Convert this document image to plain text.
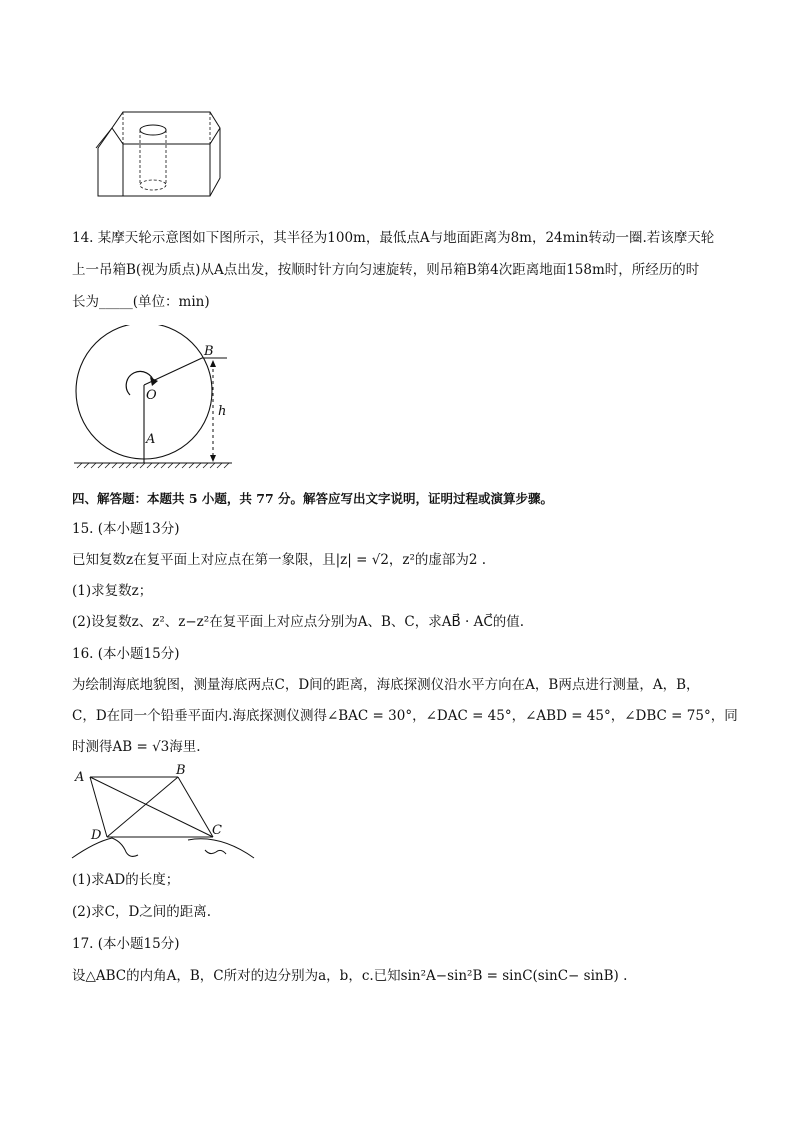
14. 某摩天轮示意图如下图所示，其半径为100m，最低点A与地面距离为8m，24min转动一圈.若该摩天轮
上一吊箱B(视为质点)从A点出发，按顺时针方向匀速旋转，则吊箱B第4次距离地面158m时，所经历的时
长为_____(单位：min)
B
O
h
A
四、解答题：本题共 5 小题，共 77 分。解答应写出文字说明，证明过程或演算步骤。
15. (本小题13分)
已知复数z在复平面上对应点在第一象限，且|z| = √2，z²的虚部为2 .
(1)求复数z；
(2)设复数z、z²、z−z²在复平面上对应点分别为A、B、C，求AB⃗ · AC⃗的值.
16. (本小题15分)
为绘制海底地貌图，测量海底两点C，D间的距离，海底探测仪沿水平方向在A，B两点进行测量，A，B，
C，D在同一个铅垂平面内.海底探测仪测得∠BAC = 30°，∠DAC = 45°，∠ABD = 45°，∠DBC = 75°，同
时测得AB = √3海里.
A	B
C
D
(1)求AD的长度；
(2)求C，D之间的距离.
17. (本小题15分)
设△ABC的内角A，B，C所对的边分别为a，b，c.已知sin²A−sin²B = sinC(sinC− sinB) .
